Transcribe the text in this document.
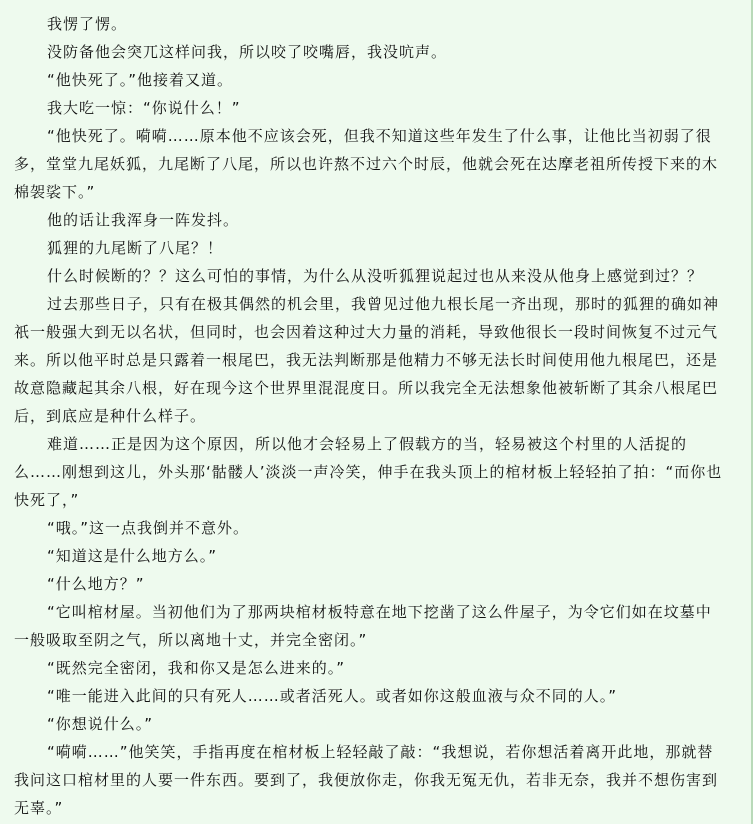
我愣了愣。

没防备他会突兀这样问我，所以咬了咬嘴唇，我没吭声。

“他快死了。”他接着又道。

我大吃一惊：“你说什么！”

“他快死了。嗬嗬……原本他不应该会死，但我不知道这些年发生了什么事，让他比当初弱了很多，堂堂九尾妖狐，九尾断了八尾，所以也许熬不过六个时辰，他就会死在达摩老祖所传授下来的木棉袈裟下。”

他的话让我浑身一阵发抖。

狐狸的九尾断了八尾？！

什么时候断的？？这么可怕的事情，为什么从没听狐狸说起过也从来没从他身上感觉到过？？

过去那些日子，只有在极其偶然的机会里，我曾见过他九根长尾一齐出现，那时的狐狸的确如神祇一般强大到无以名状，但同时，也会因着这种过大力量的消耗，导致他很长一段时间恢复不过元气来。所以他平时总是只露着一根尾巴，我无法判断那是他精力不够无法长时间使用他九根尾巴，还是故意隐藏起其余八根，好在现今这个世界里混混度日。所以我完全无法想象他被斩断了其余八根尾巴后，到底应是种什么样子。

难道……正是因为这个原因，所以他才会轻易上了假载方的当，轻易被这个村里的人活捉的么……刚想到这儿，外头那‘骷髅人’淡淡一声冷笑，伸手在我头顶上的棺材板上轻轻拍了拍：“而你也快死了，”

“哦。”这一点我倒并不意外。

“知道这是什么地方么。”

“什么地方？”

“它叫棺材屋。当初他们为了那两块棺材板特意在地下挖凿了这么件屋子，为令它们如在坟墓中一般吸取至阴之气，所以离地十丈，并完全密闭。”

“既然完全密闭，我和你又是怎么进来的。”

“唯一能进入此间的只有死人……或者活死人。或者如你这般血液与众不同的人。”

“你想说什么。”

“嗬嗬……”他笑笑，手指再度在棺材板上轻轻敲了敲：“我想说，若你想活着离开此地，那就替我问这口棺材里的人要一件东西。要到了，我便放你走，你我无冤无仇，若非无奈，我并不想伤害到无辜。”
